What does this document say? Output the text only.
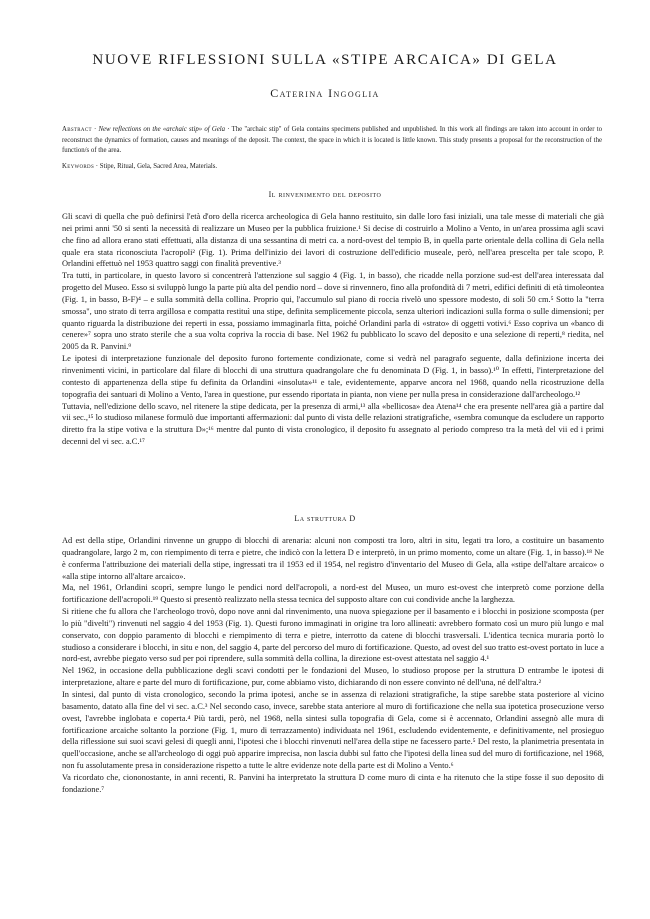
NUOVE RIFLESSIONI SULLA «STIPE ARCAICA» DI GELA
Caterina Ingoglia
Abstract · New reflections on the «archaic stip» of Gela · The "archaic stip" of Gela contains specimens published and unpublished. In this work all findings are taken into account in order to reconstruct the dynamics of formation, causes and meanings of the deposit. The context, the space in which it is located is little known. This study presents a proposal for the reconstruction of the function/s of the area.
Keywords · Stipe, Ritual, Gela, Sacred Area, Materials.
Il rinvenimento del deposito

Gli scavi di quella che può definirsi l'età d'oro della ricerca archeologica di Gela hanno restituito, sin dalle loro fasi iniziali, una tale messe di materiali che già nei primi anni '50 si sentì la necessità di realizzare un Museo per la pubblica fruizione.¹ Si decise di costruirlo a Molino a Vento, in un'area prossima agli scavi che fino ad allora erano stati effettuati, alla distanza di una sessantina di metri ca. a nord-ovest del tempio B, in quella parte orientale della collina di Gela nella quale era stata riconosciuta l'acropoli² (Fig. 1). Prima dell'inizio dei lavori di costruzione dell'edificio museale, però, nell'area prescelta per tale scopo, P. Orlandini effettuò nel 1953 quattro saggi con finalità preventive.³

Tra tutti, in particolare, in questo lavoro si concentrerà l'attenzione sul saggio 4 (Fig. 1, in basso), che ricadde nella porzione sud-est dell'area interessata dal progetto del Museo. Esso si sviluppò lungo la parte più alta del pendio nord – dove si rinvennero, fino alla profondità di 7 metri, edifici definiti di età timoleontea (Fig. 1, in basso, B-F)⁴ – e sulla sommità della collina. Proprio qui, l'accumulo sul piano di roccia rivelò uno spessore modesto, di soli 50 cm.⁵ Sotto la "terra smossa", uno strato di terra argillosa e compatta restituì una stipe, definita semplicemente piccola, senza ulteriori indicazioni sulla forma o sulle dimensioni; per quanto riguarda la distribuzione dei reperti in essa, possiamo immaginarla fitta, poiché Orlandini parla di «strato» di oggetti votivi.⁶ Esso copriva un «banco di cenere»⁷ sopra uno strato sterile che a sua volta copriva la roccia di base. Nel 1962 fu pubblicato lo scavo del deposito e una selezione di reperti,⁸ riedita, nel 2005 da R. Panvini.⁹

Le ipotesi di interpretazione funzionale del deposito furono fortemente condizionate, come si vedrà nel paragrafo seguente, dalla definizione incerta dei rinvenimenti vicini, in particolare dal filare di blocchi di una struttura quadrangolare che fu denominata D (Fig. 1, in basso).¹⁰ In effetti, l'interpretazione del contesto di appartenenza della stipe fu definita da Orlandini «insoluta»¹¹ e tale, evidentemente, apparve ancora nel 1968, quando nella ricostruzione della topografia dei santuari di Molino a Vento, l'area in questione, pur essendo riportata in pianta, non viene per nulla presa in considerazione dall'archeologo.¹²

Tuttavia, nell'edizione dello scavo, nel ritenere la stipe dedicata, per la presenza di armi,¹³ alla «bellicosa» dea Atena¹⁴ che era presente nell'area già a partire dal vii sec.,¹⁵ lo studioso milanese formulò due importanti affermazioni: dal punto di vista delle relazioni stratigrafiche, «sembra comunque da escludere un rapporto diretto fra la stipe votiva e la struttura D»;¹⁶ mentre dal punto di vista cronologico, il deposito fu assegnato al periodo compreso tra la metà del vii ed i primi decenni del vi sec. a.C.¹⁷

La struttura D

Ad est della stipe, Orlandini rinvenne un gruppo di blocchi di arenaria: alcuni non composti tra loro, altri in situ, legati tra loro, a costituire un basamento quadrangolare, largo 2 m, con riempimento di terra e pietre, che indicò con la lettera D e interpretò, in un primo momento, come un altare (Fig. 1, in basso).¹⁸ Ne è conferma l'attribuzione dei materiali della stipe, ingressati tra il 1953 ed il 1954, nel registro d'inventario del Museo di Gela, alla «stipe dell'altare arcaico» o «alla stipe intorno all'altare arcaico».

Ma, nel 1961, Orlandini scoprì, sempre lungo le pendici nord dell'acropoli, a nord-est del Museo, un muro est-ovest che interpretò come porzione della fortificazione dell'acropoli.¹⁹ Questo si presentò realizzato nella stessa tecnica del supposto altare con cui condivide anche la larghezza.

Si ritiene che fu allora che l'archeologo trovò, dopo nove anni dal rinvenimento, una nuova spiegazione per il basamento e i blocchi in posizione scomposta (per lo più "divelti") rinvenuti nel saggio 4 del 1953 (Fig. 1). Questi furono immaginati in origine tra loro allineati: avrebbero formato così un muro più lungo e mal conservato, con doppio paramento di blocchi e riempimento di terra e pietre, interrotto da catene di blocchi trasversali. L'identica tecnica muraria portò lo studioso a considerare i blocchi, in situ e non, del saggio 4, parte del percorso del muro di fortificazione. Questo, ad ovest del suo tratto est-ovest portato in luce a nord-est, avrebbe piegato verso sud per poi riprendere, sulla sommità della collina, la direzione est-ovest attestata nel saggio 4.¹

Nel 1962, in occasione della pubblicazione degli scavi condotti per le fondazioni del Museo, lo studioso propose per la struttura D entrambe le ipotesi di interpretazione, altare e parte del muro di fortificazione, pur, come abbiamo visto, dichiarando di non essere convinto né dell'una, né dell'altra.²

In sintesi, dal punto di vista cronologico, secondo la prima ipotesi, anche se in assenza di relazioni stratigrafiche, la stipe sarebbe stata posteriore al vicino basamento, datato alla fine del vi sec. a.C.³ Nel secondo caso, invece, sarebbe stata anteriore al muro di fortificazione che nella sua ipotetica prosecuzione verso ovest, l'avrebbe inglobata e coperta.⁴ Più tardi, però, nel 1968, nella sintesi sulla topografia di Gela, come si è accennato, Orlandini assegnò alle mura di fortificazione arcaiche soltanto la porzione (Fig. 1, muro di terrazzamento) individuata nel 1961, escludendo evidentemente, e definitivamente, nel prosieguo della riflessione sui suoi scavi gelesi di quegli anni, l'ipotesi che i blocchi rinvenuti nell'area della stipe ne facessero parte.⁵ Del resto, la planimetria presentata in quell'occasione, anche se all'archeologo di oggi può apparire imprecisa, non lascia dubbi sul fatto che l'ipotesi della linea sud del muro di fortificazione, nel 1968, non fu assolutamente presa in considerazione rispetto a tutte le altre evidenze note della parte est di Molino a Vento.⁶

Va ricordato che, ciononostante, in anni recenti, R. Panvini ha interpretato la struttura D come muro di cinta e ha ritenuto che la stipe fosse il suo deposito di fondazione.⁷
